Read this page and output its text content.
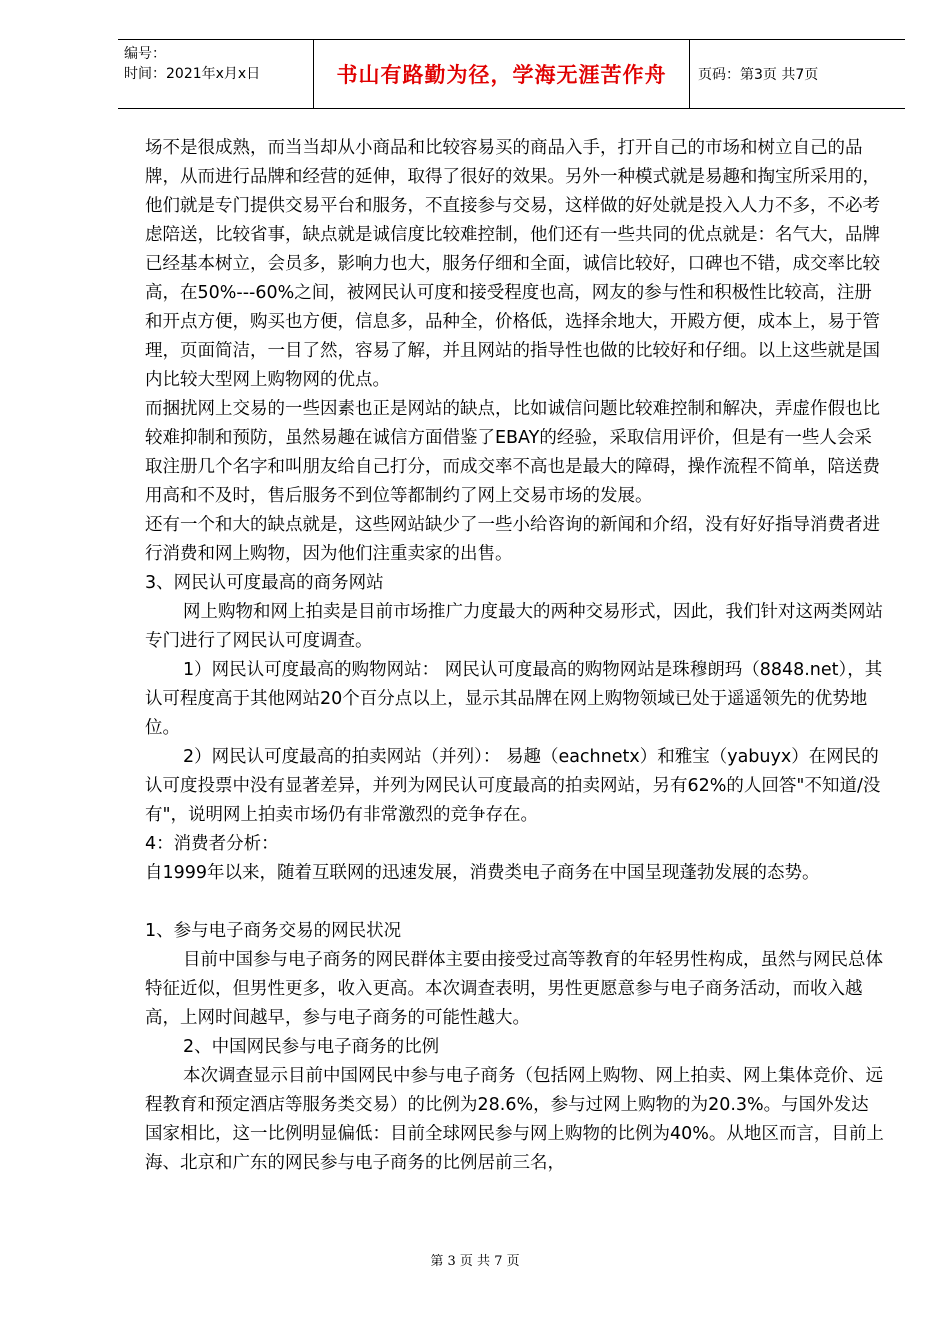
编号：
时间：2021年x月x日	书山有路勤为径，学海无涯苦作舟	页码：第3页 共7页

场不是很成熟，而当当却从小商品和比较容易买的商品入手，打开自己的市场和树立自己的品牌，从而进行品牌和经营的延伸，取得了很好的效果。另外一种模式就是易趣和掏宝所采用的，他们就是专门提供交易平台和服务，不直接参与交易，这样做的好处就是投入人力不多，不必考虑陪送，比较省事，缺点就是诚信度比较难控制，他们还有一些共同的优点就是：名气大，品牌已经基本树立，会员多，影响力也大，服务仔细和全面，诚信比较好，口碑也不错，成交率比较高，在50%---60%之间，被网民认可度和接受程度也高，网友的参与性和积极性比较高，注册和开点方便，购买也方便，信息多，品种全，价格低，选择余地大，开殿方便，成本上，易于管理，页面简洁，一目了然，容易了解，并且网站的指导性也做的比较好和仔细。以上这些就是国内比较大型网上购物网的优点。

而捆扰网上交易的一些因素也正是网站的缺点，比如诚信问题比较难控制和解决，弄虚作假也比较难抑制和预防，虽然易趣在诚信方面借鉴了EBAY的经验，采取信用评价，但是有一些人会采取注册几个名字和叫朋友给自己打分，而成交率不高也是最大的障碍，操作流程不简单，陪送费用高和不及时，售后服务不到位等都制约了网上交易市场的发展。

还有一个和大的缺点就是，这些网站缺少了一些小给咨询的新闻和介绍，没有好好指导消费者进行消费和网上购物，因为他们注重卖家的出售。

3、网民认可度最高的商务网站

网上购物和网上拍卖是目前市场推广力度最大的两种交易形式，因此，我们针对这两类网站专门进行了网民认可度调查。

1）网民认可度最高的购物网站： 网民认可度最高的购物网站是珠穆朗玛（8848.net），其认可程度高于其他网站20个百分点以上，显示其品牌在网上购物领域已处于遥遥领先的优势地位。

2）网民认可度最高的拍卖网站（并列）： 易趣（eachnetx）和雅宝（yabuyx）在网民的认可度投票中没有显著差异，并列为网民认可度最高的拍卖网站，另有62%的人回答"不知道/没有"，说明网上拍卖市场仍有非常激烈的竞争存在。

4：消费者分析：

自1999年以来，随着互联网的迅速发展，消费类电子商务在中国呈现蓬勃发展的态势。

1、参与电子商务交易的网民状况

目前中国参与电子商务的网民群体主要由接受过高等教育的年轻男性构成，虽然与网民总体特征近似，但男性更多，收入更高。本次调查表明，男性更愿意参与电子商务活动，而收入越高，上网时间越早，参与电子商务的可能性越大。

2、中国网民参与电子商务的比例

本次调查显示目前中国网民中参与电子商务（包括网上购物、网上拍卖、网上集体竞价、远程教育和预定酒店等服务类交易）的比例为28.6%，参与过网上购物的为20.3%。与国外发达国家相比，这一比例明显偏低：目前全球网民参与网上购物的比例为40%。从地区而言，目前上海、北京和广东的网民参与电子商务的比例居前三名，

第 3 页 共 7 页
